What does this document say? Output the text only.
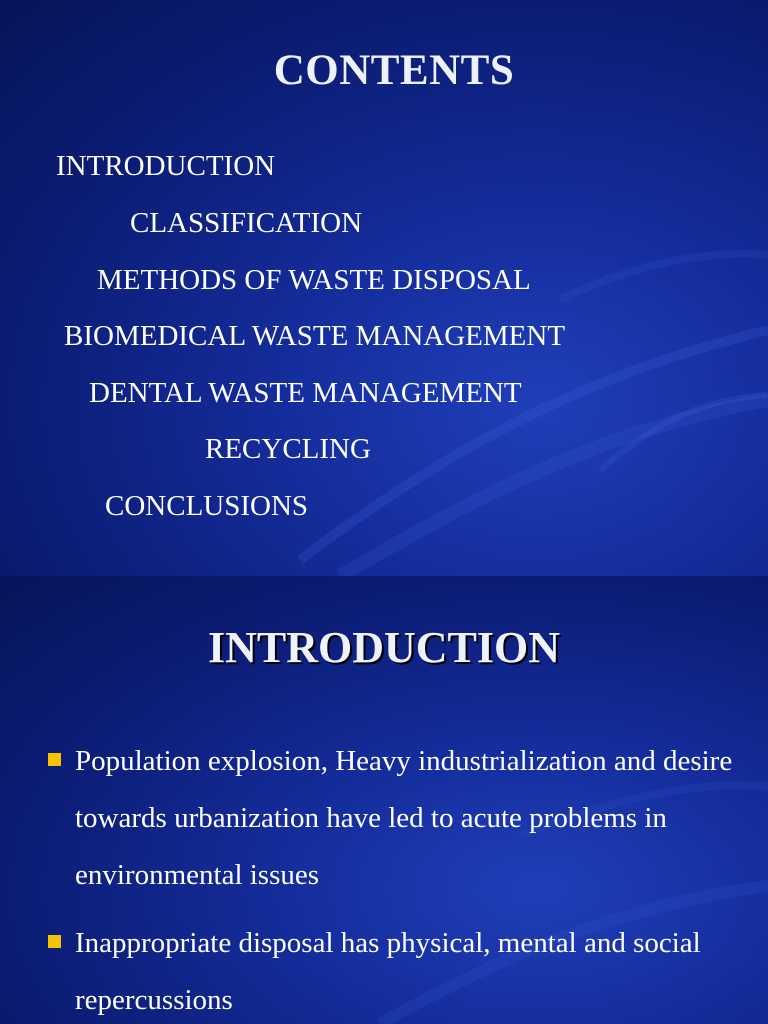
CONTENTS
INTRODUCTION
CLASSIFICATION
METHODS OF WASTE DISPOSAL
BIOMEDICAL WASTE MANAGEMENT
DENTAL WASTE MANAGEMENT
RECYCLING
CONCLUSIONS
INTRODUCTION
Population explosion, Heavy industrialization and desire towards urbanization have led to acute problems in environmental issues
Inappropriate disposal has physical, mental and social repercussions
